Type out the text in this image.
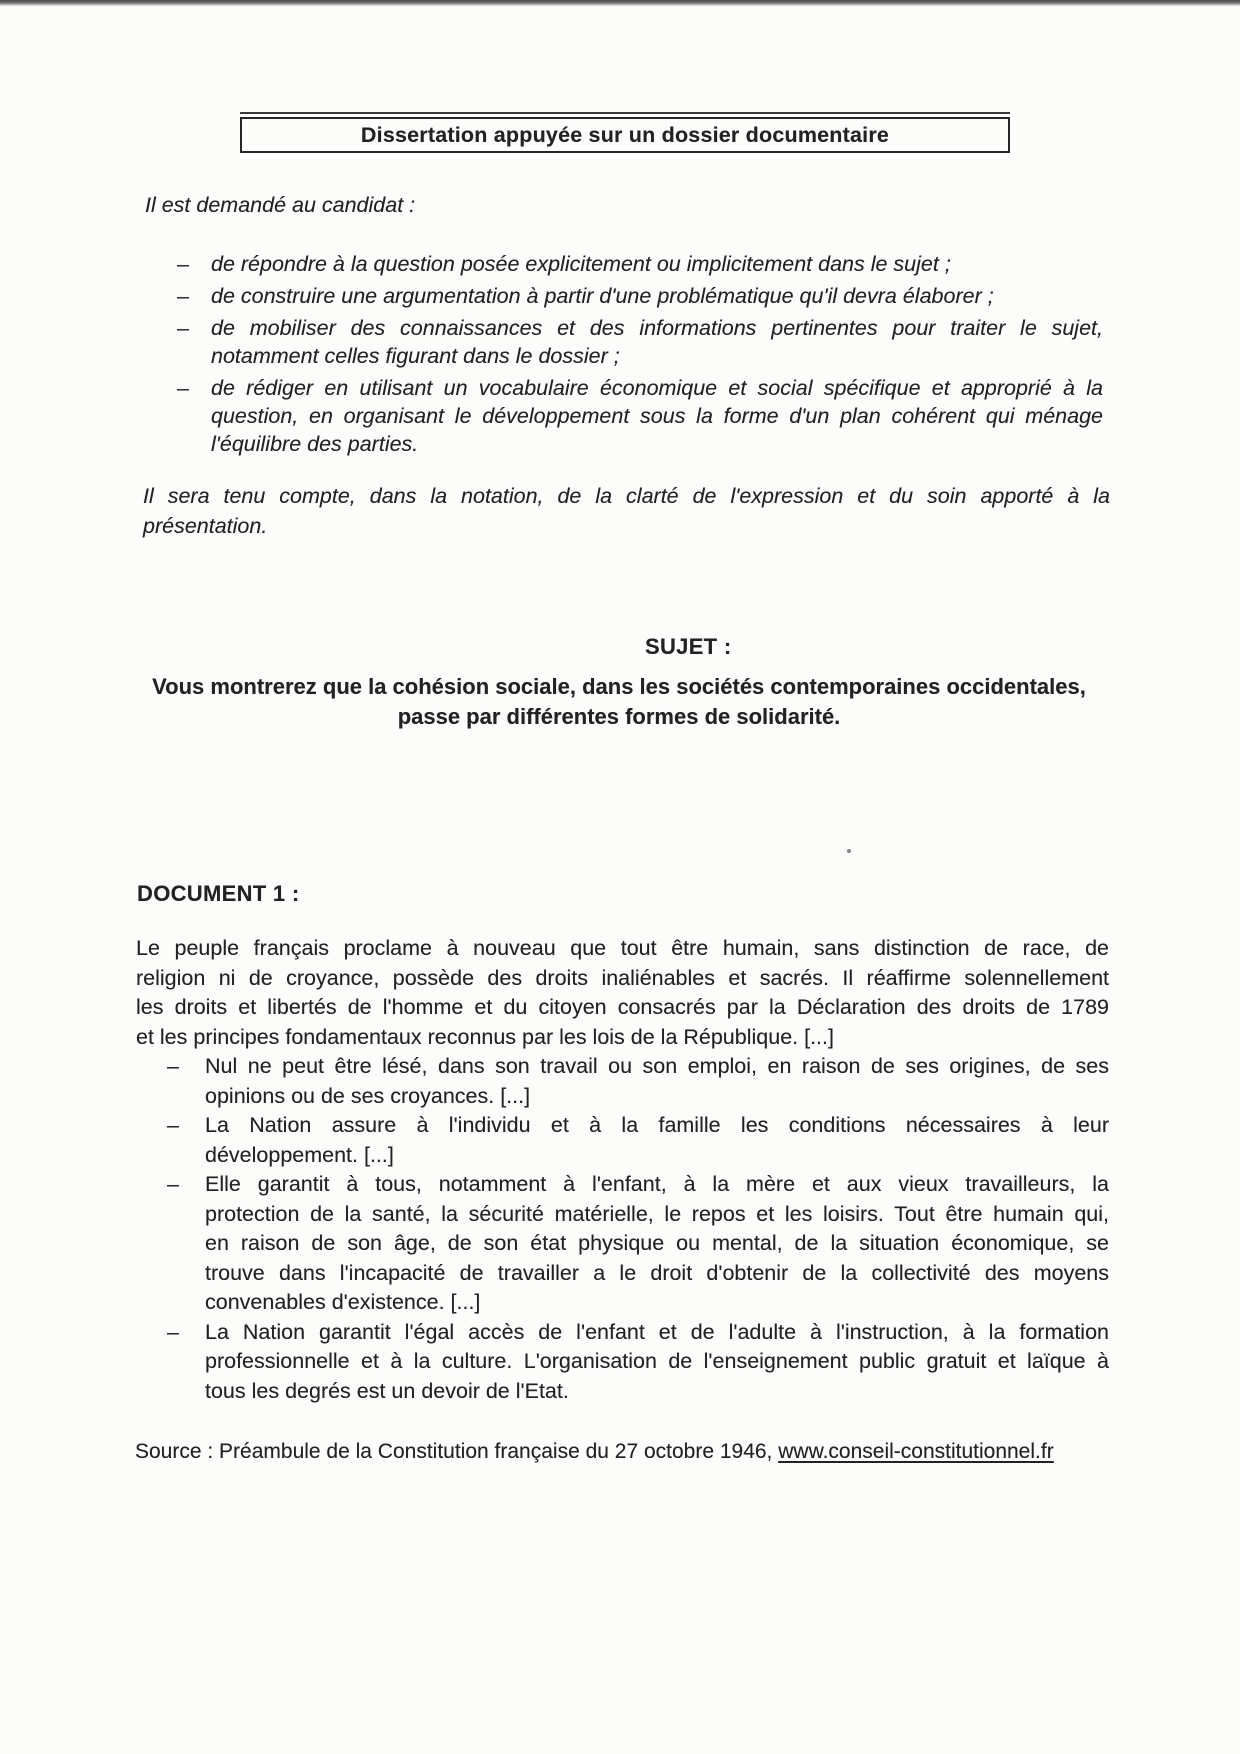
Dissertation appuyée sur un dossier documentaire
Il est demandé au candidat :
–	de répondre à la question posée explicitement ou implicitement dans le sujet ;
–	de construire une argumentation à partir d'une problématique qu'il devra élaborer ;
–	de mobiliser des connaissances et des informations pertinentes pour traiter le sujet,
notamment celles figurant dans le dossier ;
–	de rédiger en utilisant un vocabulaire économique et social spécifique et approprié à la
question, en organisant le développement sous la forme d'un plan cohérent qui ménage
l'équilibre des parties.
Il sera tenu compte, dans la notation, de la clarté de l'expression et du soin apporté à la
présentation.
SUJET :
Vous montrerez que la cohésion sociale, dans les sociétés contemporaines occidentales,
passe par différentes formes de solidarité.
DOCUMENT 1 :
Le peuple français proclame à nouveau que tout être humain, sans distinction de race, de
religion ni de croyance, possède des droits inaliénables et sacrés. Il réaffirme solennellement
les droits et libertés de l'homme et du citoyen consacrés par la Déclaration des droits de 1789
et les principes fondamentaux reconnus par les lois de la République. [...]
–	Nul ne peut être lésé, dans son travail ou son emploi, en raison de ses origines, de ses
opinions ou de ses croyances. [...]
–	La Nation assure à l'individu et à la famille les conditions nécessaires à leur
développement. [...]
–	Elle garantit à tous, notamment à l'enfant, à la mère et aux vieux travailleurs, la
protection de la santé, la sécurité matérielle, le repos et les loisirs. Tout être humain qui,
en raison de son âge, de son état physique ou mental, de la situation économique, se
trouve dans l'incapacité de travailler a le droit d'obtenir de la collectivité des moyens
convenables d'existence. [...]
–	La Nation garantit l'égal accès de l'enfant et de l'adulte à l'instruction, à la formation
professionnelle et à la culture. L'organisation de l'enseignement public gratuit et laïque à
tous les degrés est un devoir de l'Etat.
Source : Préambule de la Constitution française du 27 octobre 1946, www.conseil-constitutionnel.fr
